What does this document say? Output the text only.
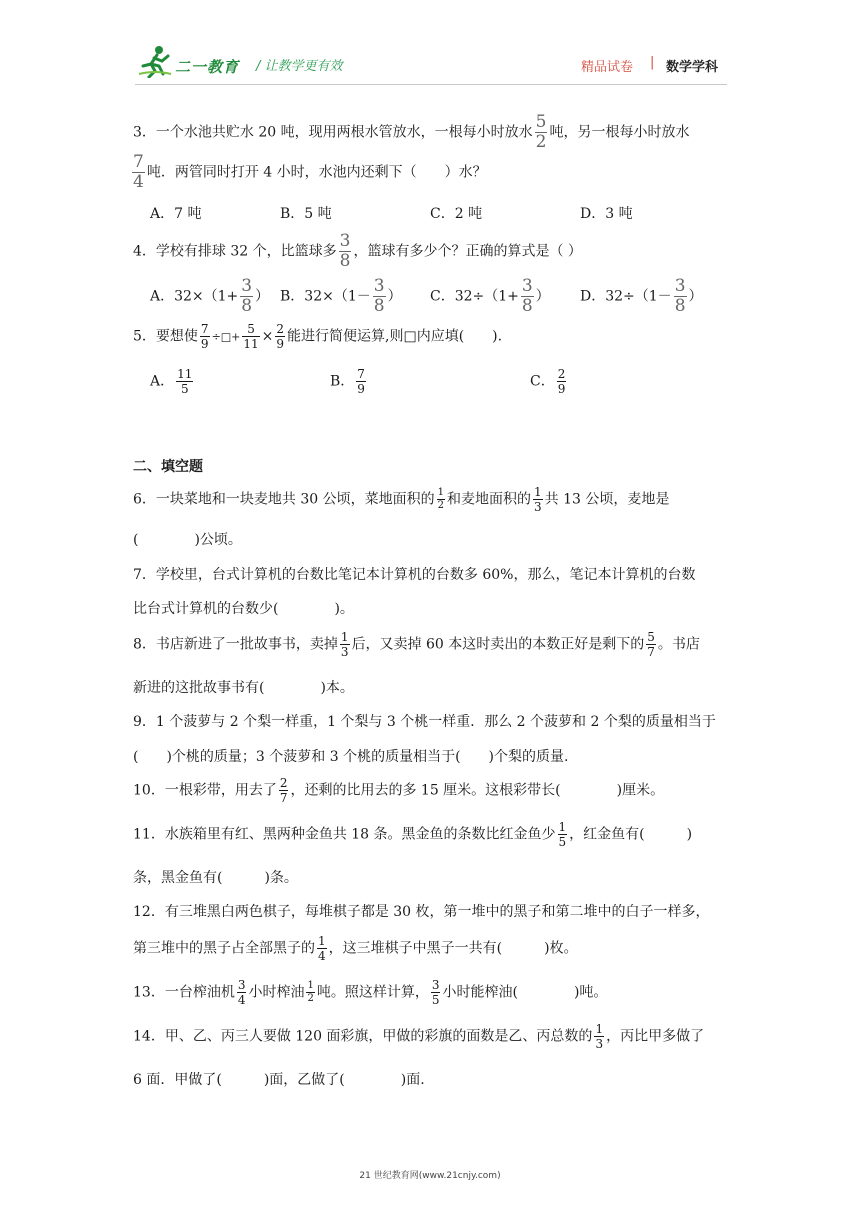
二一教育 / 让教学更有效	精品试卷 | 数学学科
3．一个水池共贮水 20 吨，现用两根水管放水，一根每小时放水 $\frac{5}{2}$ 吨，另一根每小时放水
$\frac{7}{4}$ 吨．两管同时打开 4 小时，水池内还剩下（　　）水？
A．7 吨	B．5 吨	C．2 吨	D．3 吨
4．学校有排球 32 个，比篮球多 $\frac{3}{8}$ ，篮球有多少个？正确的算式是（ ）
A．$32\times(1+ \frac{3}{8}$ ） B．$32\times(1- \frac{3}{8}$ ） C．$32\div(1+ \frac{3}{8}$ ） D．$32\div(1- \frac{3}{8}$ ）
5．要想使 $\frac{7}{9}$ ÷□+ $\frac{5}{11} \times \frac{2}{9}$ 能进行简便运算,则□内应填(　　).
A． $\frac{11}{5}$	B． $\frac{7}{9}$	C． $\frac{2}{9}$
二、填空题
6．一块菜地和一块麦地共 30 公顷，菜地面积的 $\frac{1}{2}$ 和麦地面积的 $\frac{1}{3}$ 共 13 公顷，麦地是
(　　　　)公顷。
7．学校里，台式计算机的台数比笔记本计算机的台数多 60%，那么，笔记本计算机的台数
比台式计算机的台数少(　　　　)。
8．书店新进了一批故事书，卖掉 $\frac{1}{3}$ 后，又卖掉 60 本这时卖出的本数正好是剩下的 $\frac{5}{7}$ 。书店
新进的这批故事书有(　　　　)本。
9．1 个菠萝与 2 个梨一样重，1 个梨与 3 个桃一样重．那么 2 个菠萝和 2 个梨的质量相当于
(　　)个桃的质量；3 个菠萝和 3 个桃的质量相当于(　　)个梨的质量.
10．一根彩带，用去了 $\frac{2}{7}$ ，还剩的比用去的多 15 厘米。这根彩带长(　　　　)厘米。
11．水族箱里有红、黑两种金鱼共 18 条。黑金鱼的条数比红金鱼少 $\frac{1}{5}$ ，红金鱼有(　　　)
条，黑金鱼有(　　　)条。
12．有三堆黑白两色棋子，每堆棋子都是 30 枚，第一堆中的黑子和第二堆中的白子一样多，
第三堆中的黑子占全部黑子的 $\frac{1}{4}$ ，这三堆棋子中黑子一共有(　　　)枚。
13．一台榨油机 $\frac{3}{4}$ 小时榨油 $\frac{1}{2}$ 吨。照这样计算， $\frac{3}{5}$ 小时能榨油(　　　　)吨。
14．甲、乙、丙三人要做 120 面彩旗，甲做的彩旗的面数是乙、丙总数的 $\frac{1}{3}$ ，丙比甲多做了
6 面．甲做了(　　　)面，乙做了(　　　　)面.
21 世纪教育网(www.21cnjy.com)
